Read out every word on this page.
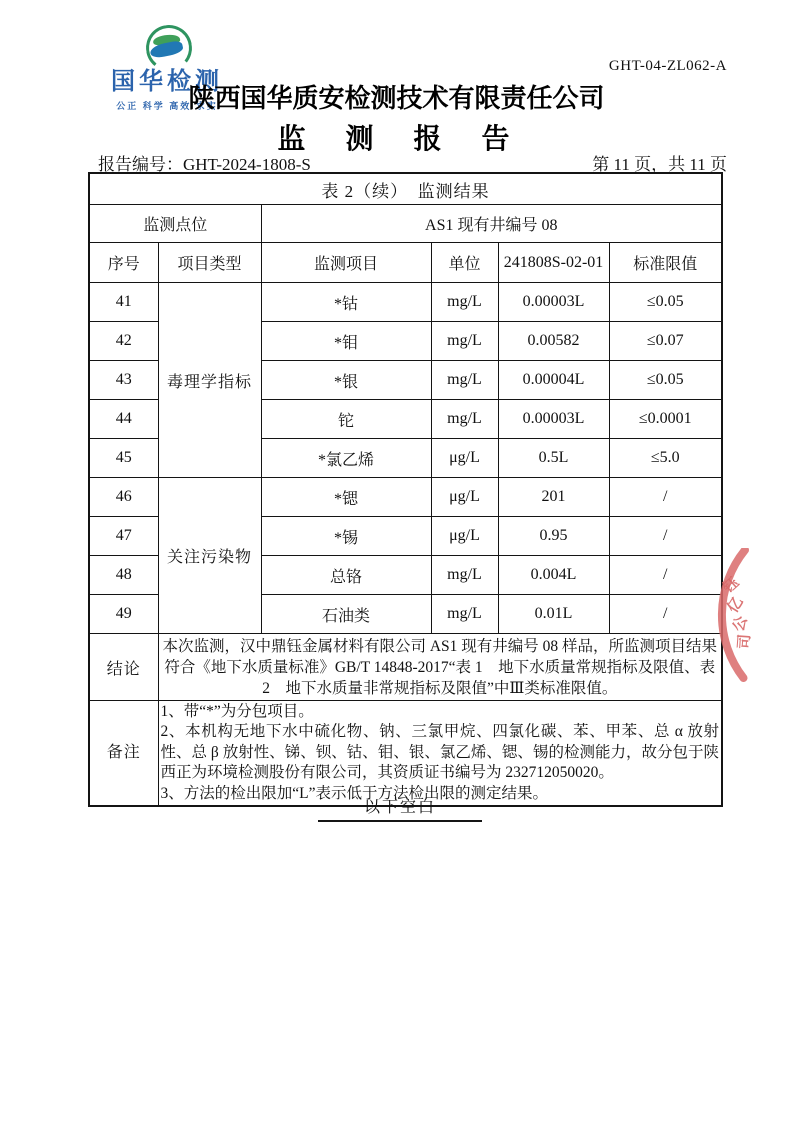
国华检测
公正 科学 高效 求实
GHT-04-ZL062-A
陕西国华质安检测技术有限责任公司
监　测　报　告
报告编号：GHT-2024-1808-S	第 11 页，共 11 页
表 2（续）　监测结果					
监测点位		AS1 现有井编号 08			
序号	项目类型	监测项目	单位	241808S-02-01	标准限值
41	毒理学指标	*钴	mg/L	0.00003L	≤0.05
42		*钼	mg/L	0.00582	≤0.07
43		*银	mg/L	0.00004L	≤0.05
44		铊	mg/L	0.00003L	≤0.0001
45		*氯乙烯	μg/L	0.5L	≤5.0
46	关注污染物	*锶	μg/L	201	/
47		*锡	μg/L	0.95	/
48		总铬	mg/L	0.004L	/
49		石油类	mg/L	0.01L	/
结论	本次监测，汉中鼎钰金属材料有限公司 AS1 现有井编号 08 样品，所监测项目结果符合《地下水质量标准》GB/T 14848-2017“表 1　地下水质量常规指标及限值、表 2　地下水质量非常规指标及限值”中Ⅲ类标准限值。				
备注	1、带“*”为分包项目。
2、本机构无地下水中硫化物、钠、三氯甲烷、四氯化碳、苯、甲苯、总 α 放射性、总 β 放射性、锑、钡、钴、钼、银、氯乙烯、锶、锡的检测能力，故分包于陕西正为环境检测股份有限公司，其资质证书编号为 232712050020。
3、方法的检出限加“L”表示低于方法检出限的测定结果。				
以下空白
钰
亿
公
司
